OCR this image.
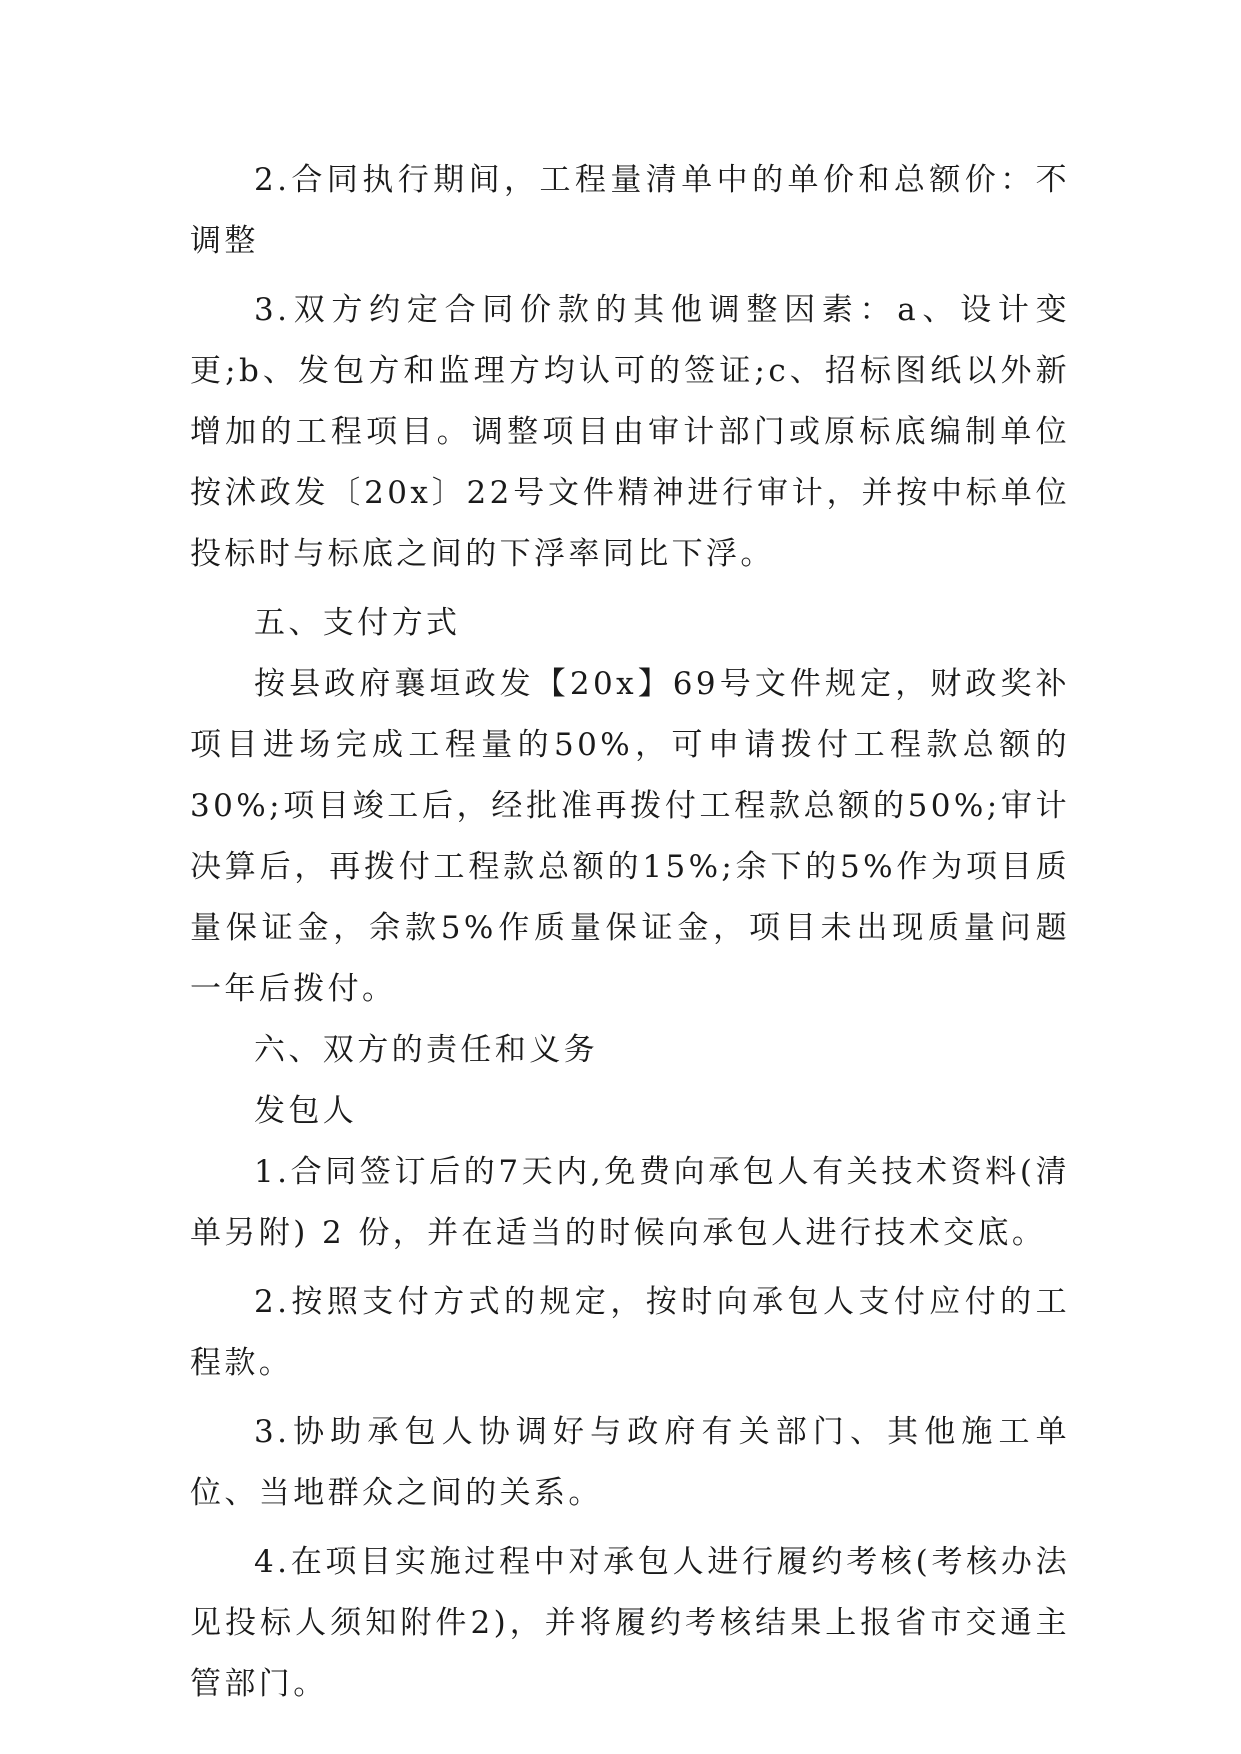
2.合同执行期间，工程量清单中的单价和总额价：不调整

3.双方约定合同价款的其他调整因素：a、设计变更;b、发包方和监理方均认可的签证;c、招标图纸以外新增加的工程项目。调整项目由审计部门或原标底编制单位按沭政发〔20x〕22号文件精神进行审计，并按中标单位投标时与标底之间的下浮率同比下浮。

五、支付方式

按县政府襄垣政发【20x】69号文件规定，财政奖补项目进场完成工程量的50%，可申请拨付工程款总额的30%;项目竣工后，经批准再拨付工程款总额的50%;审计决算后，再拨付工程款总额的15%;余下的5%作为项目质量保证金，余款5%作质量保证金，项目未出现质量问题一年后拨付。

六、双方的责任和义务

发包人

1.合同签订后的7天内,免费向承包人有关技术资料(清单另附) 2 份，并在适当的时候向承包人进行技术交底。

2.按照支付方式的规定，按时向承包人支付应付的工程款。

3.协助承包人协调好与政府有关部门、其他施工单位、当地群众之间的关系。

4.在项目实施过程中对承包人进行履约考核(考核办法见投标人须知附件2)，并将履约考核结果上报省市交通主管部门。
